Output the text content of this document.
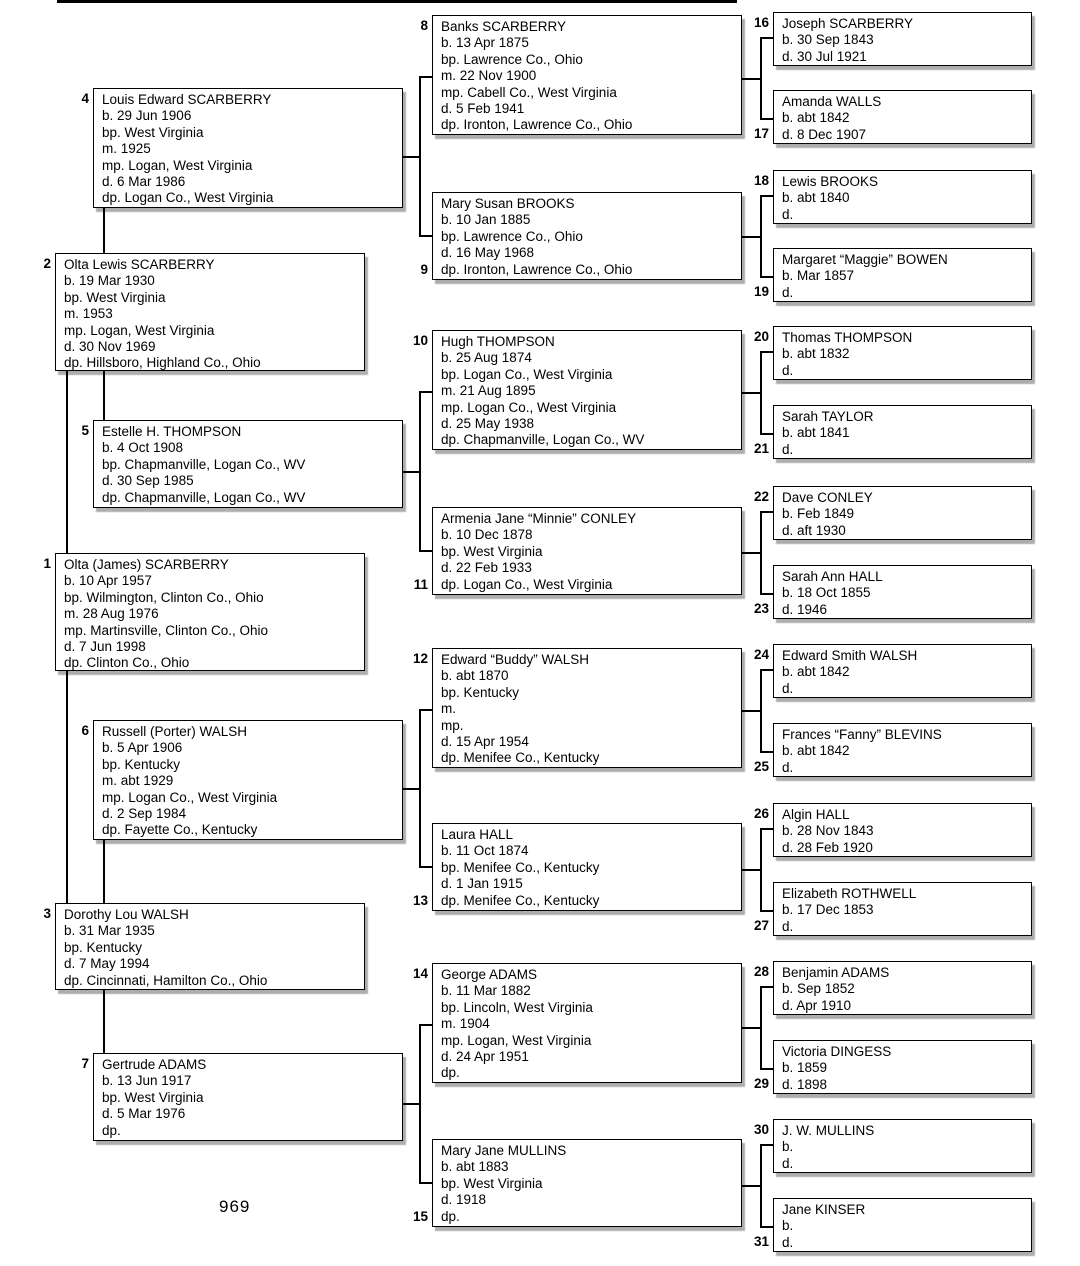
1 Olta (James) SCARBERRY
b. 10 Apr 1957
bp. Wilmington, Clinton Co., Ohio
m. 28 Aug 1976
mp. Martinsville, Clinton Co., Ohio
d. 7 Jun 1998
dp. Clinton Co., Ohio
2 Olta Lewis SCARBERRY
b. 19 Mar 1930
bp. West Virginia
m. 1953
mp. Logan, West Virginia
d. 30 Nov 1969
dp. Hillsboro, Highland Co., Ohio
3 Dorothy Lou WALSH
b. 31 Mar 1935
bp. Kentucky
d. 7 May 1994
dp. Cincinnati, Hamilton Co., Ohio
4 Louis Edward SCARBERRY
b. 29 Jun 1906
bp. West Virginia
m. 1925
mp. Logan, West Virginia
d. 6 Mar 1986
dp. Logan Co., West Virginia
5 Estelle H. THOMPSON
b. 4 Oct 1908
bp. Chapmanville, Logan Co., WV
d. 30 Sep 1985
dp. Chapmanville, Logan Co., WV
6 Russell (Porter) WALSH
b. 5 Apr 1906
bp. Kentucky
m. abt 1929
mp. Logan Co., West Virginia
d. 2 Sep 1984
dp. Fayette Co., Kentucky
7 Gertrude ADAMS
b. 13 Jun 1917
bp. West Virginia
d. 5 Mar 1976
dp.
8 Banks SCARBERRY
b. 13 Apr 1875
bp. Lawrence Co., Ohio
m. 22 Nov 1900
mp. Cabell Co., West Virginia
d. 5 Feb 1941
dp. Ironton, Lawrence Co., Ohio
9
Mary Susan BROOKS
b. 10 Jan 1885
bp. Lawrence Co., Ohio
d. 16 May 1968
dp. Ironton, Lawrence Co., Ohio
10 Hugh THOMPSON
b. 25 Aug 1874
bp. Logan Co., West Virginia
m. 21 Aug 1895
mp. Logan Co., West Virginia
d. 25 May 1938
dp. Chapmanville, Logan Co., WV
11
Armenia Jane “Minnie” CONLEY
b. 10 Dec 1878
bp. West Virginia
d. 22 Feb 1933
dp. Logan Co., West Virginia
12 Edward “Buddy” WALSH
b. abt 1870
bp. Kentucky
m.
mp.
d. 15 Apr 1954
dp. Menifee Co., Kentucky
13
Laura HALL
b. 11 Oct 1874
bp. Menifee Co., Kentucky
d. 1 Jan 1915
dp. Menifee Co., Kentucky
14 George ADAMS
b. 11 Mar 1882
bp. Lincoln, West Virginia
m. 1904
mp. Logan, West Virginia
d. 24 Apr 1951
dp.
15
Mary Jane MULLINS
b. abt 1883
bp. West Virginia
d. 1918
dp.
16 Joseph SCARBERRY
b. 30 Sep 1843
d. 30 Jul 1921
17
Amanda WALLS
b. abt 1842
d. 8 Dec 1907
18 Lewis BROOKS
b. abt 1840
d.
19
Margaret “Maggie” BOWEN
b. Mar 1857
d.
20 Thomas THOMPSON
b. abt 1832
d.
21
Sarah TAYLOR
b. abt 1841
d.
22 Dave CONLEY
b. Feb 1849
d. aft 1930
23
Sarah Ann HALL
b. 18 Oct 1855
d. 1946
24 Edward Smith WALSH
b. abt 1842
d.
25
Frances “Fanny” BLEVINS
b. abt 1842
d.
26 Algin HALL
b. 28 Nov 1843
d. 28 Feb 1920
27
Elizabeth ROTHWELL
b. 17 Dec 1853
d.
28 Benjamin ADAMS
b. Sep 1852
d. Apr 1910
29
Victoria DINGESS
b. 1859
d. 1898
30 J. W. MULLINS
b.
d.
31
Jane KINSER
b.
d.
969
